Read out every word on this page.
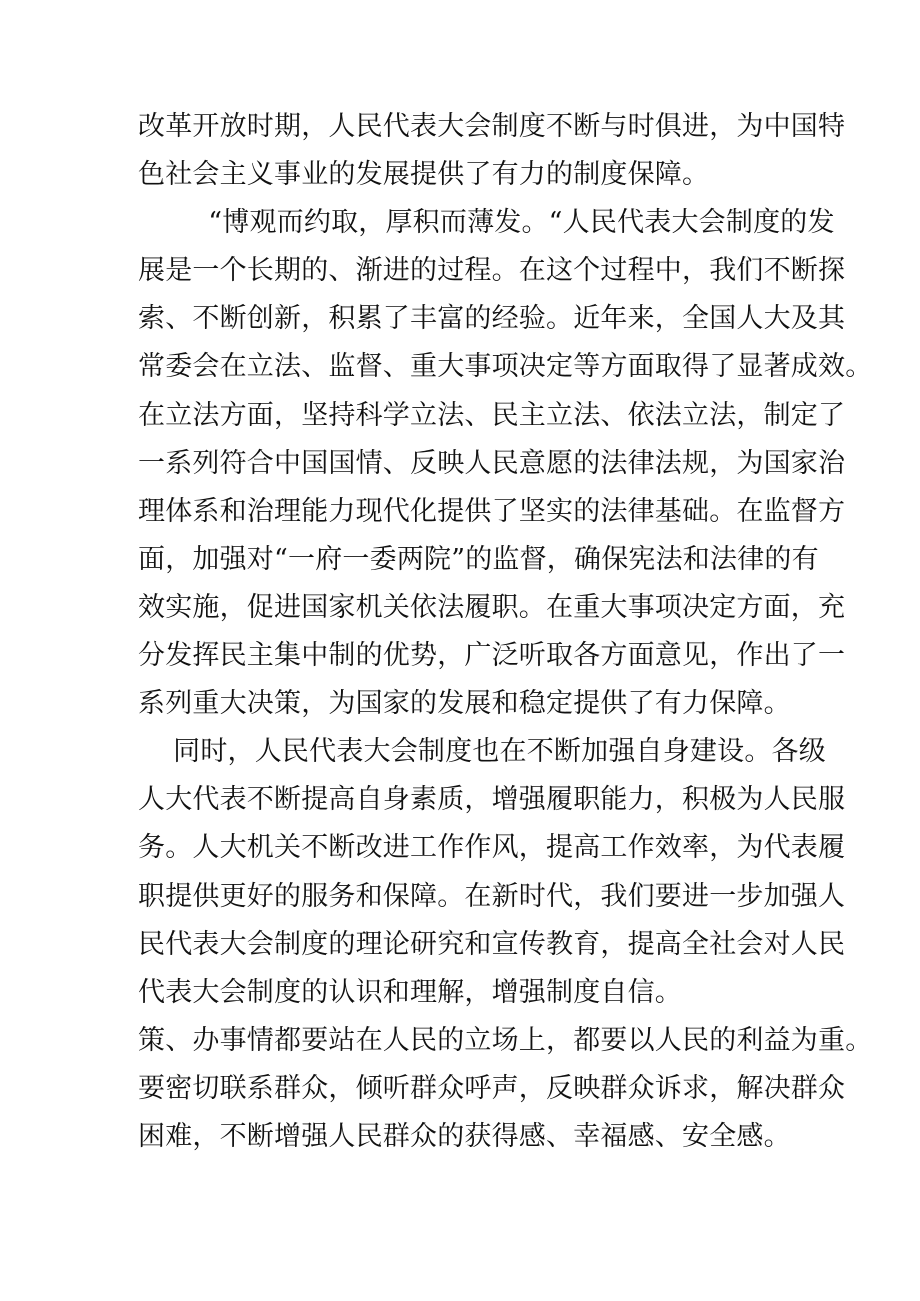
改革开放时期，人民代表大会制度不断与时俱进，为中国特
色社会主义事业的发展提供了有力的制度保障。

“博观而约取，厚积而薄发。“人民代表大会制度的发
展是一个长期的、渐进的过程。在这个过程中，我们不断探
索、不断创新，积累了丰富的经验。近年来，全国人大及其
常委会在立法、监督、重大事项决定等方面取得了显著成效。
在立法方面，坚持科学立法、民主立法、依法立法，制定了
一系列符合中国国情、反映人民意愿的法律法规，为国家治
理体系和治理能力现代化提供了坚实的法律基础。在监督方
面，加强对“一府一委两院”的监督，确保宪法和法律的有
效实施，促进国家机关依法履职。在重大事项决定方面，充
分发挥民主集中制的优势，广泛听取各方面意见，作出了一
系列重大决策，为国家的发展和稳定提供了有力保障。

同时，人民代表大会制度也在不断加强自身建设。各级
人大代表不断提高自身素质，增强履职能力，积极为人民服
务。人大机关不断改进工作作风，提高工作效率，为代表履
职提供更好的服务和保障。在新时代，我们要进一步加强人
民代表大会制度的理论研究和宣传教育，提高全社会对人民
代表大会制度的认识和理解，增强制度自信。

策、办事情都要站在人民的立场上，都要以人民的利益为重。
要密切联系群众，倾听群众呼声，反映群众诉求，解决群众
困难，不断增强人民群众的获得感、幸福感、安全感。
